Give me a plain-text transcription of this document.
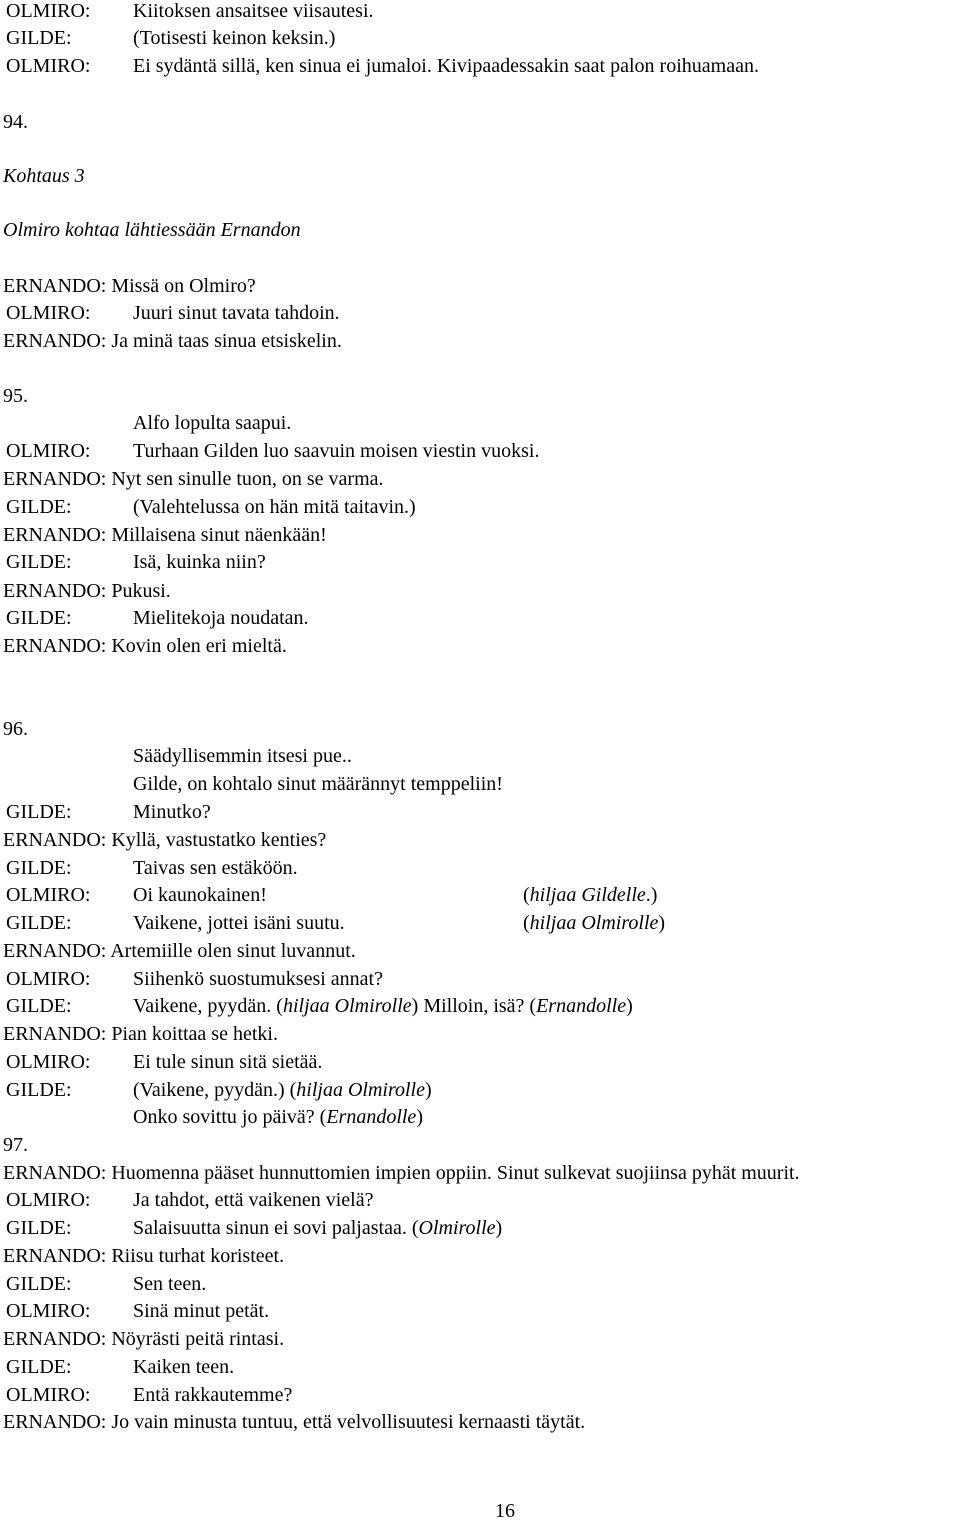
OLMIRO: Kiitoksen ansaitsee viisautesi.
GILDE:	(Totisesti keinon keksin.)
OLMIRO: Ei sydäntä sillä, ken sinua ei jumaloi. Kivipaadessakin saat palon roihuamaan.
94.
Kohtaus 3
Olmiro kohtaa lähtiessään Ernandon
ERNANDO: Missä on Olmiro?
OLMIRO: Juuri sinut tavata tahdoin.
ERNANDO: Ja minä taas sinua etsiskelin.
95.
Alfo lopulta saapui.
OLMIRO: Turhaan Gilden luo saavuin moisen viestin vuoksi.
ERNANDO: Nyt sen sinulle tuon, on se varma.
GILDE:	(Valehtelussa on hän mitä taitavin.)
ERNANDO: Millaisena sinut näenkään!
GILDE:	Isä, kuinka niin?
ERNANDO: Pukusi.
GILDE:	Mielitekoja noudatan.
ERNANDO: Kovin olen eri mieltä.
96.
Säädyllisemmin itsesi pue..
Gilde, on kohtalo sinut määrännyt temppeliin!
GILDE:	Minutko?
ERNANDO: Kyllä, vastustatko kenties?
GILDE:	Taivas sen estäköön.
OLMIRO: Oi kaunokainen!	(hiljaa Gildelle.)
GILDE:	Vaikene, jottei isäni suutu.	(hiljaa Olmirolle)
ERNANDO: Artemiille olen sinut luvannut.
OLMIRO: Siihenkö suostumuksesi annat?
GILDE:	Vaikene, pyydän. (hiljaa Olmirolle) Milloin, isä? (Ernandolle)
ERNANDO: Pian koittaa se hetki.
OLMIRO: Ei tule sinun sitä sietää.
GILDE:	(Vaikene, pyydän.) (hiljaa Olmirolle)
Onko sovittu jo päivä? (Ernandolle)
97.
ERNANDO: Huomenna pääset hunnuttomien impien oppiin. Sinut sulkevat suojiinsa pyhät muurit.
OLMIRO: Ja tahdot, että vaikenen vielä?
GILDE:	Salaisuutta sinun ei sovi paljastaa. (Olmirolle)
ERNANDO: Riisu turhat koristeet.
GILDE:	Sen teen.
OLMIRO: Sinä minut petät.
ERNANDO: Nöyrästi peitä rintasi.
GILDE:	Kaiken teen.
OLMIRO: Entä rakkautemme?
ERNANDO: Jo vain minusta tuntuu, että velvollisuutesi kernaasti täytät.
16
